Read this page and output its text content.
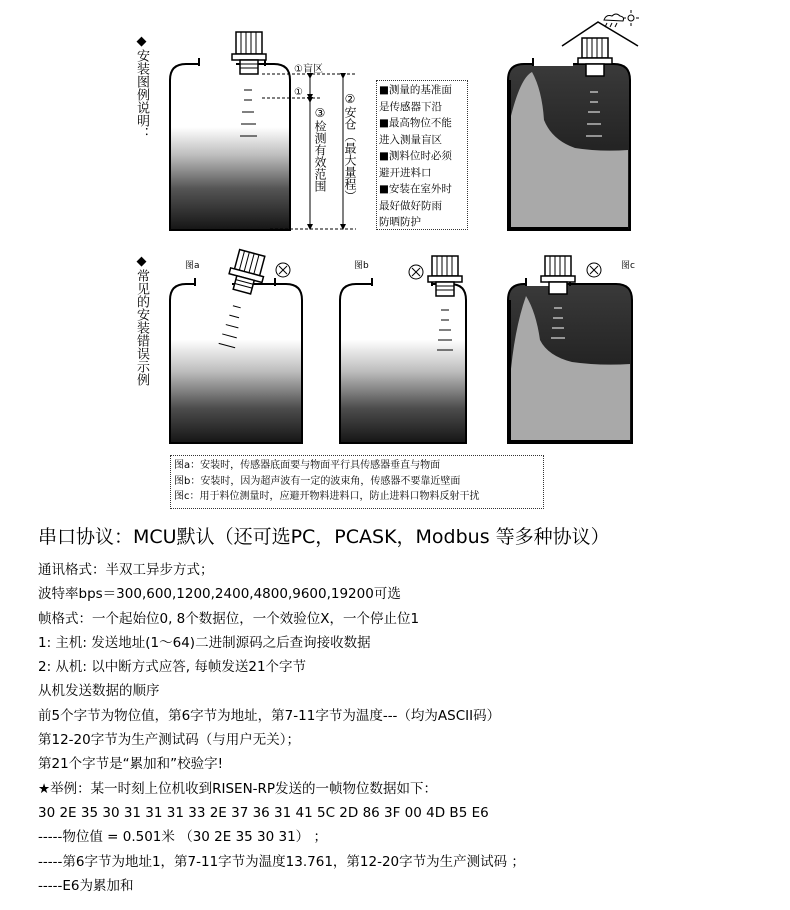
①盲区
①
◆安装图例说明：
◆常见的安装错误示例
②安仓（最大量程）
③检测有效范围
■测量的基准面
是传感器下沿
■最高物位不能
进入测量盲区
■测料位时必须
避开进料口
■安装在室外时
最好做好防雨
防晒防护
图a	图b	图c
图a：安装时，传感器底面要与物面平行具传感器垂直与物面
图b：安装时，因为超声波有一定的波束角，传感器不要靠近壁面
图c：用于料位测量时，应避开物料进料口，防止进料口物料反射干扰
串口协议：MCU默认（还可选PC，PCASK，Modbus 等多种协议）
通讯格式：半双工异步方式；
波特率bps＝300,600,1200,2400,4800,9600,19200可选
帧格式：一个起始位0, 8个数据位，一个效验位X，一个停止位1
1: 主机: 发送地址(1～64)二进制源码之后查询接收数据
2: 从机: 以中断方式应答, 每帧发送21个字节
从机发送数据的顺序
前5个字节为物位值，第6字节为地址，第7-11字节为温度---（均为ASCII码）
第12-20字节为生产测试码（与用户无关）；
第21个字节是“累加和”校验字!
★举例：某一时刻上位机收到RISEN-RP发送的一帧物位数据如下：
30 2E 35 30 31 31 31 33 2E 37 36 31 41 5C 2D 86 3F 00 4D B5 E6
-----物位值 = 0.501米 （30 2E 35 30 31） ；
-----第6字节为地址1，第7-11字节为温度13.761，第12-20字节为生产测试码 ；
-----E6为累加和
